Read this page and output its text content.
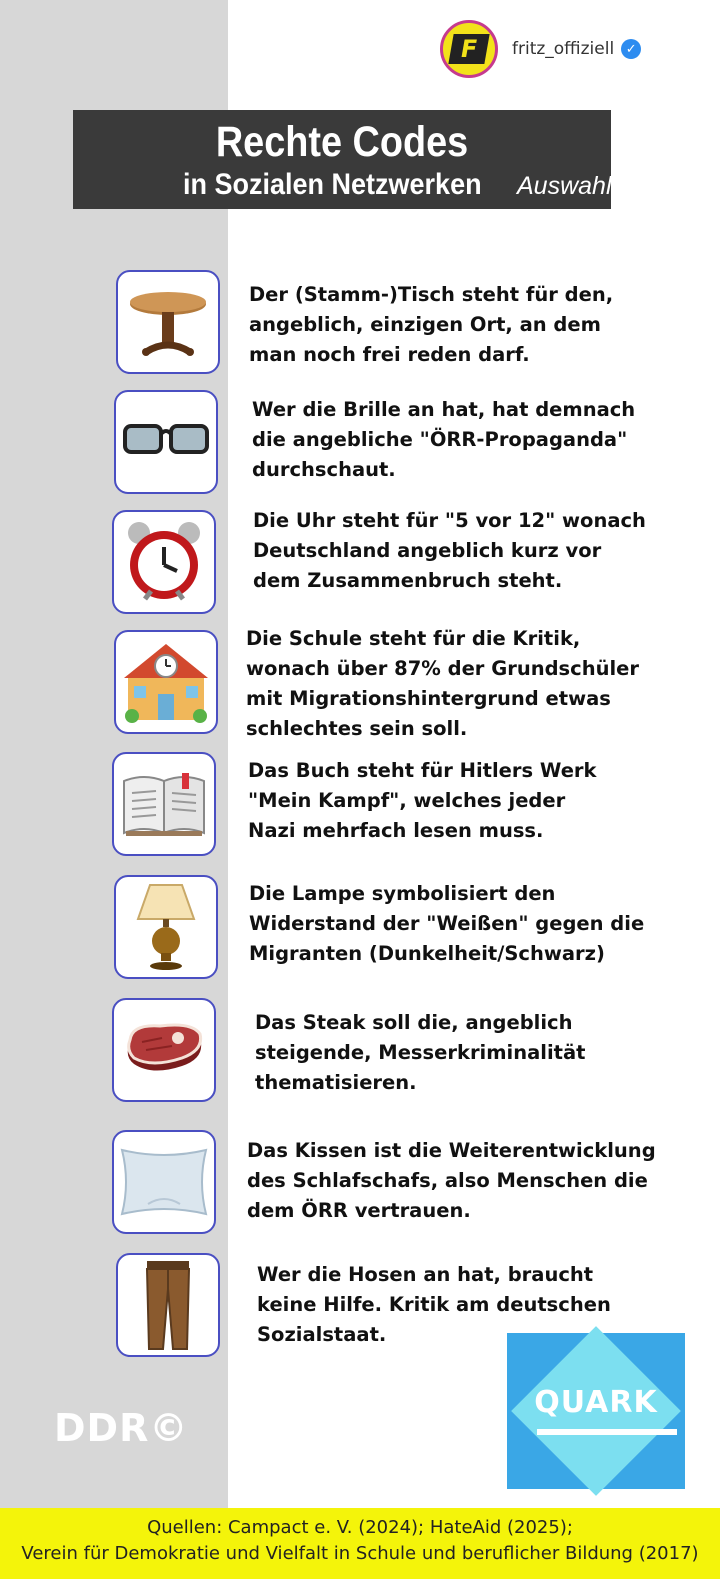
F	fritz_offiziell ✓
Rechte Codes
in Sozialen Netzwerken Auswahl
Der (Stamm-)Tisch steht für den,
angeblich, einzigen Ort, an dem
man noch frei reden darf.
Wer die Brille an hat, hat demnach
die angebliche "ÖRR-Propaganda"
durchschaut.
Die Uhr steht für "5 vor 12" wonach
Deutschland angeblich kurz vor
dem Zusammenbruch steht.
Die Schule steht für die Kritik,
wonach über 87% der Grundschüler
mit Migrationshintergrund etwas
schlechtes sein soll.
Das Buch steht für Hitlers Werk
"Mein Kampf", welches jeder
Nazi mehrfach lesen muss.
Die Lampe symbolisiert den
Widerstand der "Weißen" gegen die
Migranten (Dunkelheit/Schwarz)
Das Steak soll die, angeblich
steigende, Messerkriminalität
thematisieren.
Das Kissen ist die Weiterentwicklung
des Schlafschafs, also Menschen die
dem ÖRR vertrauen.
Wer die Hosen an hat, braucht
keine Hilfe. Kritik am deutschen
Sozialstaat.
DDR©
QUARK
Quellen: Campact e. V. (2024); HateAid (2025);
Verein für Demokratie und Vielfalt in Schule und beruflicher Bildung (2017)
